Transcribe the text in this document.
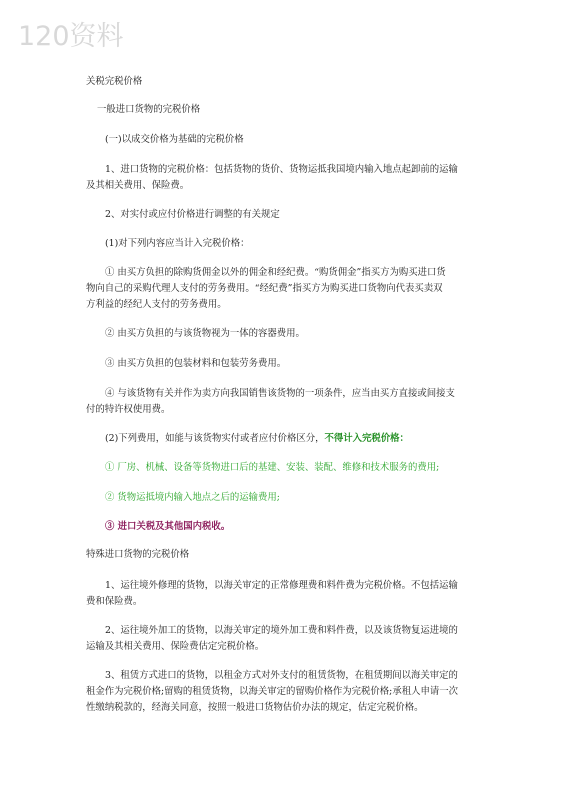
120资料
关税完税价格
一般进口货物的完税价格
(一)以成交价格为基础的完税价格
1、进口货物的完税价格：包括货物的货价、货物运抵我国境内输入地点起卸前的运输
及其相关费用、保险费。
2、对实付或应付价格进行调整的有关规定
(1)对下列内容应当计入完税价格：
① 由买方负担的除购货佣金以外的佣金和经纪费。“购货佣金”指买方为购买进口货
物向自己的采购代理人支付的劳务费用。“经纪费”指买方为购买进口货物向代表买卖双
方利益的经纪人支付的劳务费用。
② 由买方负担的与该货物视为一体的容器费用。
③ 由买方负担的包装材料和包装劳务费用。
④ 与该货物有关并作为卖方向我国销售该货物的一项条件，应当由买方直接或间接支
付的特许权使用费。
(2)下列费用，如能与该货物实付或者应付价格区分，不得计入完税价格：
① 厂房、机械、设备等货物进口后的基建、安装、装配、维修和技术服务的费用;
② 货物运抵境内输入地点之后的运输费用;
③ 进口关税及其他国内税收。
特殊进口货物的完税价格
1、运往境外修理的货物，以海关审定的正常修理费和料件费为完税价格。不包括运输
费和保险费。
2、运往境外加工的货物，以海关审定的境外加工费和料件费，以及该货物复运进境的
运输及其相关费用、保险费估定完税价格。
3、租赁方式进口的货物，以租金方式对外支付的租赁货物，在租赁期间以海关审定的
租金作为完税价格;留购的租赁货物，以海关审定的留购价格作为完税价格;承租人申请一次
性缴纳税款的，经海关同意，按照一般进口货物估价办法的规定，估定完税价格。
